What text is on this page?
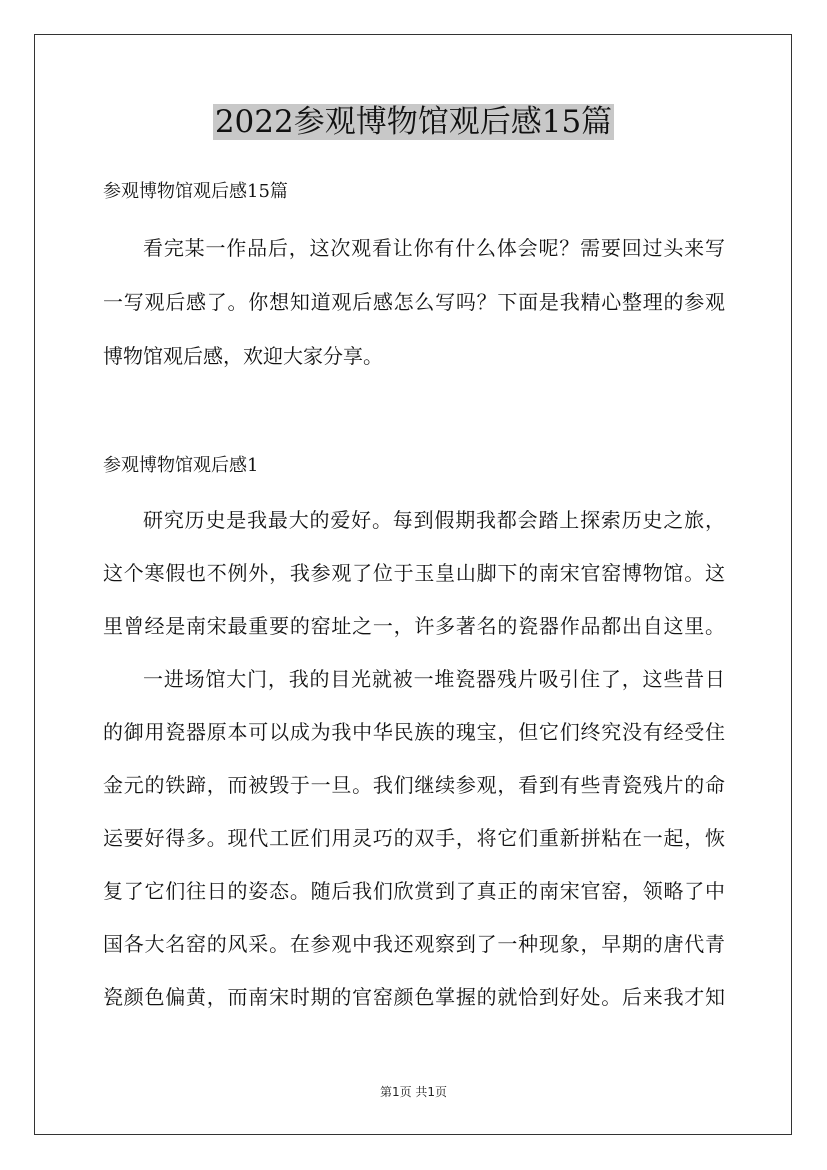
2022参观博物馆观后感15篇
参观博物馆观后感15篇
看完某一作品后，这次观看让你有什么体会呢？需要回过头来写
一写观后感了。你想知道观后感怎么写吗？下面是我精心整理的参观
博物馆观后感，欢迎大家分享。
参观博物馆观后感1
研究历史是我最大的爱好。每到假期我都会踏上探索历史之旅，
这个寒假也不例外，我参观了位于玉皇山脚下的南宋官窑博物馆。这
里曾经是南宋最重要的窑址之一，许多著名的瓷器作品都出自这里。
一进场馆大门，我的目光就被一堆瓷器残片吸引住了，这些昔日
的御用瓷器原本可以成为我中华民族的瑰宝，但它们终究没有经受住
金元的铁蹄，而被毁于一旦。我们继续参观，看到有些青瓷残片的命
运要好得多。现代工匠们用灵巧的双手，将它们重新拼粘在一起，恢
复了它们往日的姿态。随后我们欣赏到了真正的南宋官窑，领略了中
国各大名窑的风采。在参观中我还观察到了一种现象，早期的唐代青
瓷颜色偏黄，而南宋时期的官窑颜色掌握的就恰到好处。后来我才知
第1页 共1页
